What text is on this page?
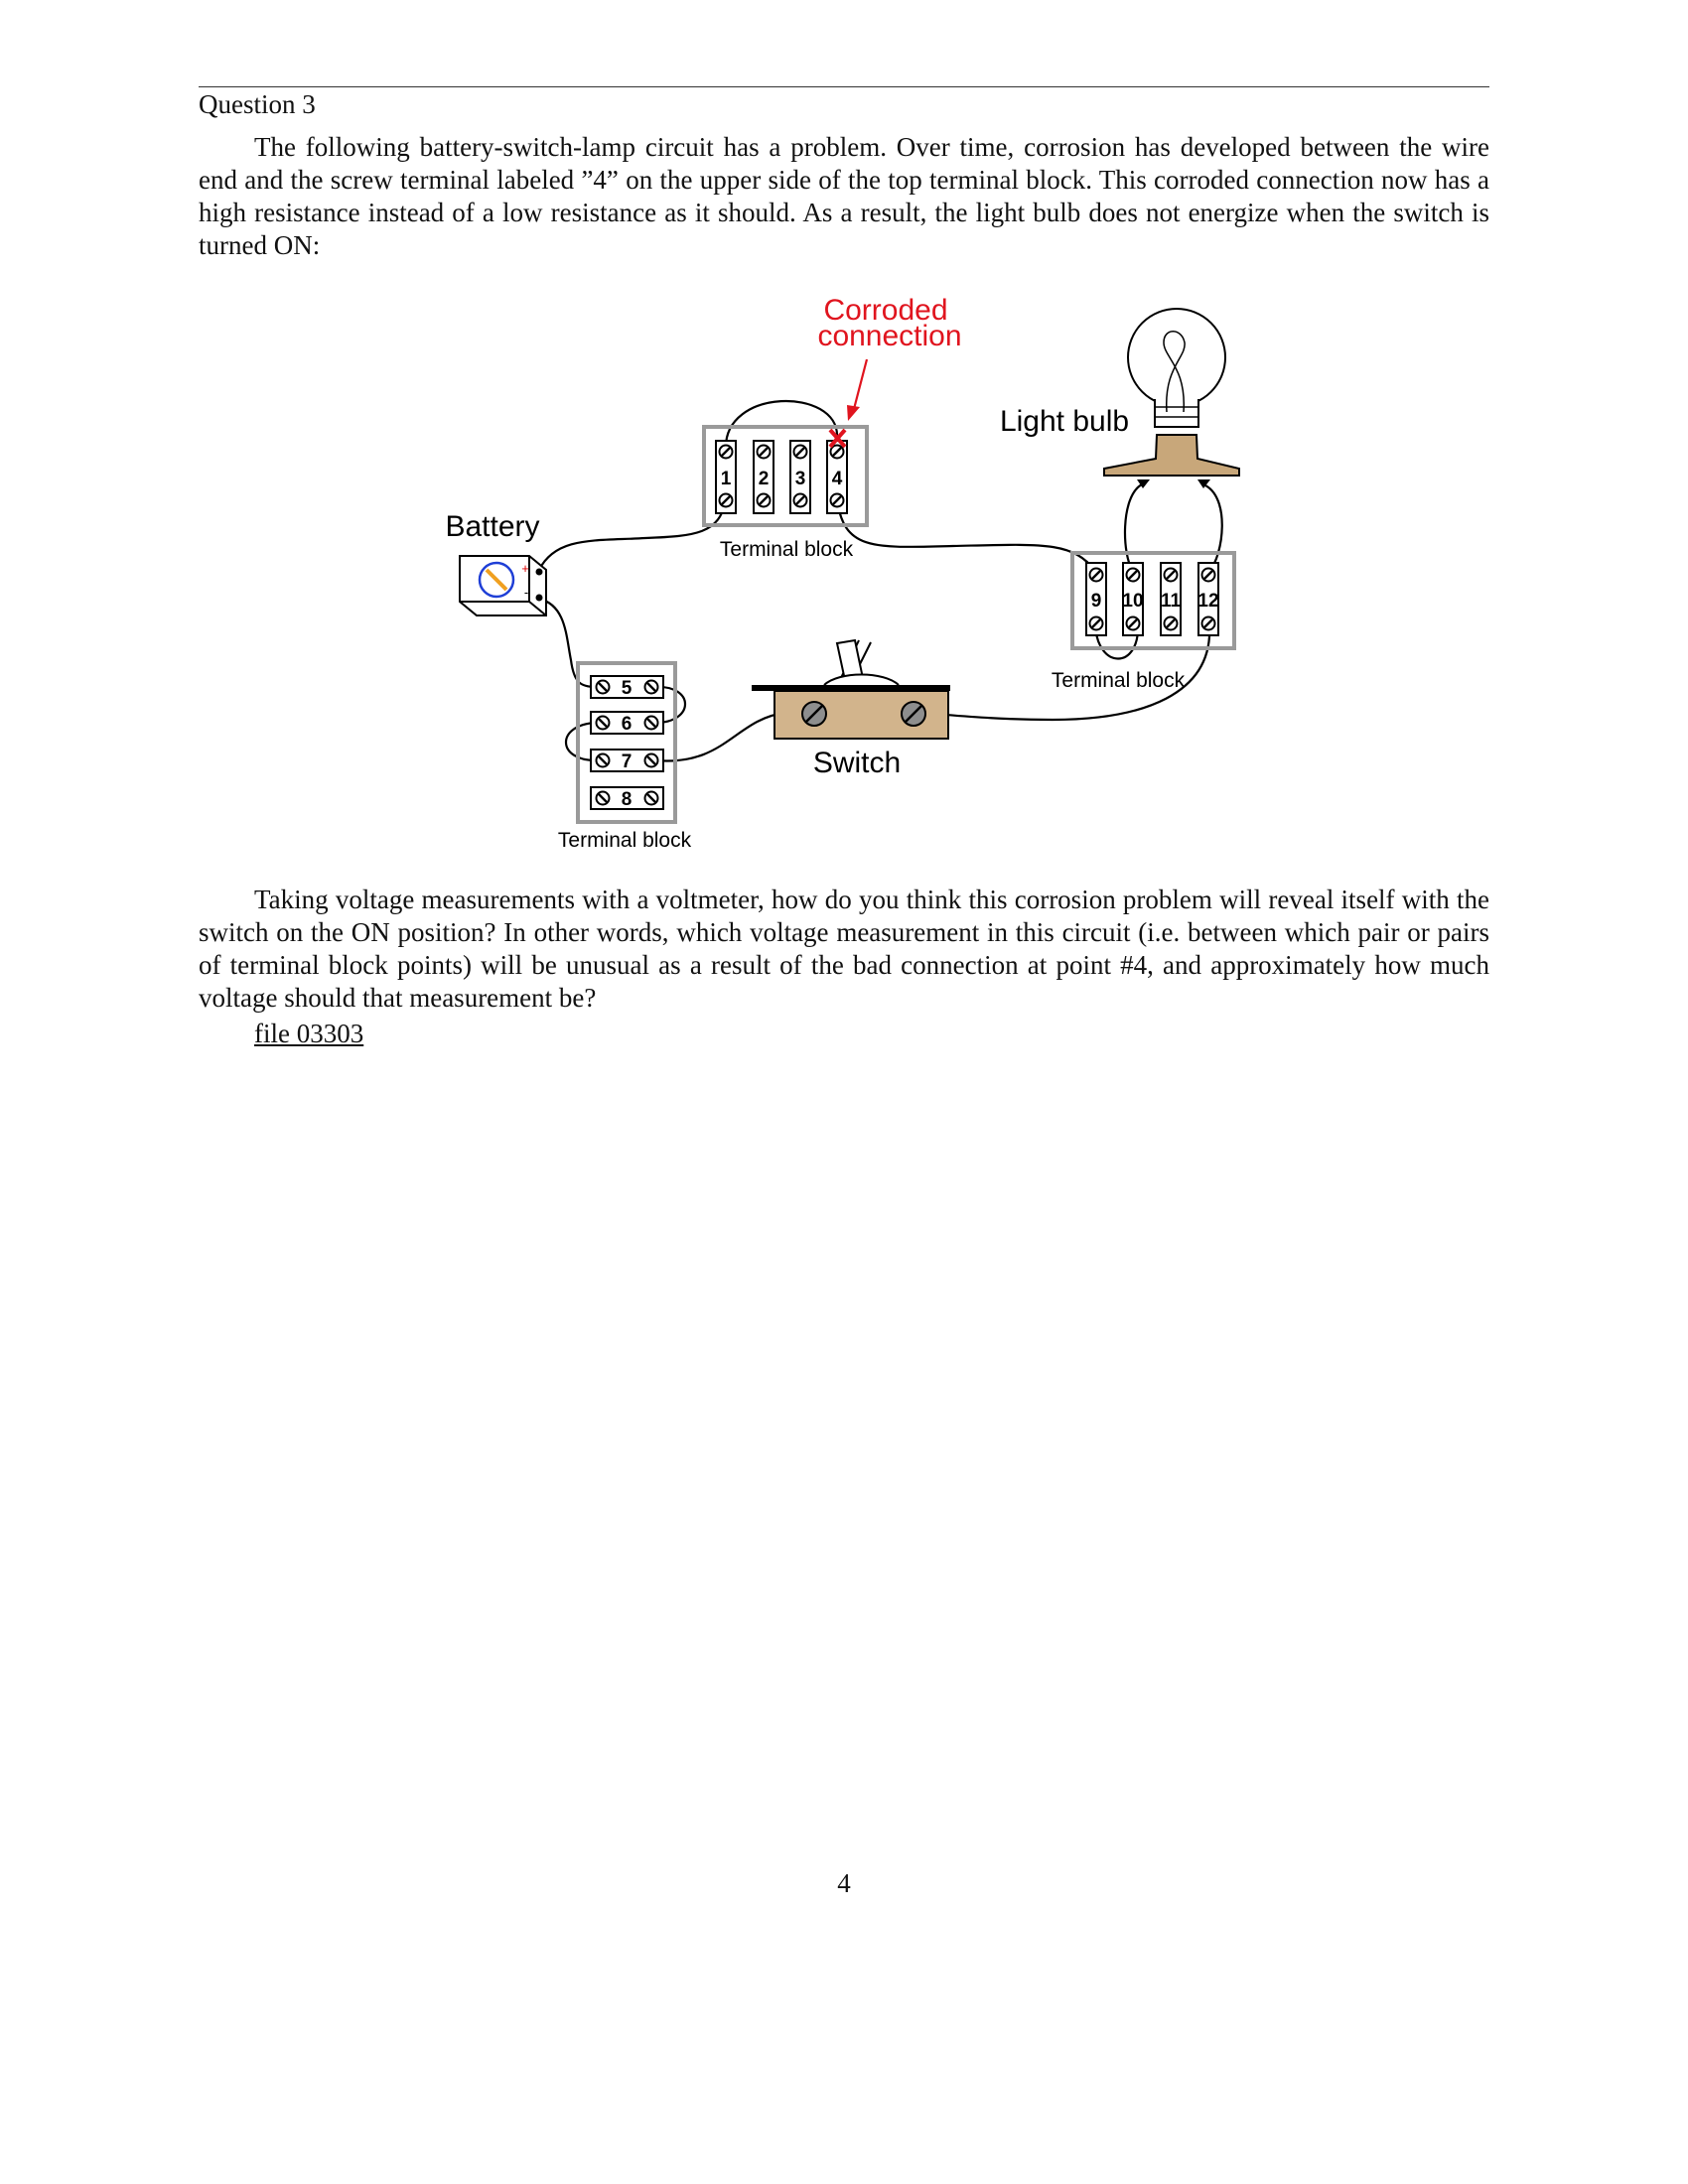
Question 3

The following battery-switch-lamp circuit has a problem. Over time, corrosion has developed between the wire end and the screw terminal labeled ”4” on the upper side of the top terminal block. This corroded connection now has a high resistance instead of a low resistance as it should. As a result, the light bulb does not energize when the switch is turned ON:

Corroded
connection
1 2 3 4
Terminal block
Light bulb
+
-
Battery
9 10 11 12
Terminal block
Switch
5
6
7
8
Terminal block

Taking voltage measurements with a voltmeter, how do you think this corrosion problem will reveal itself with the switch on the ON position? In other words, which voltage measurement in this circuit (i.e. between which pair or pairs of terminal block points) will be unusual as a result of the bad connection at point #4, and approximately how much voltage should that measurement be?

file 03303
4
